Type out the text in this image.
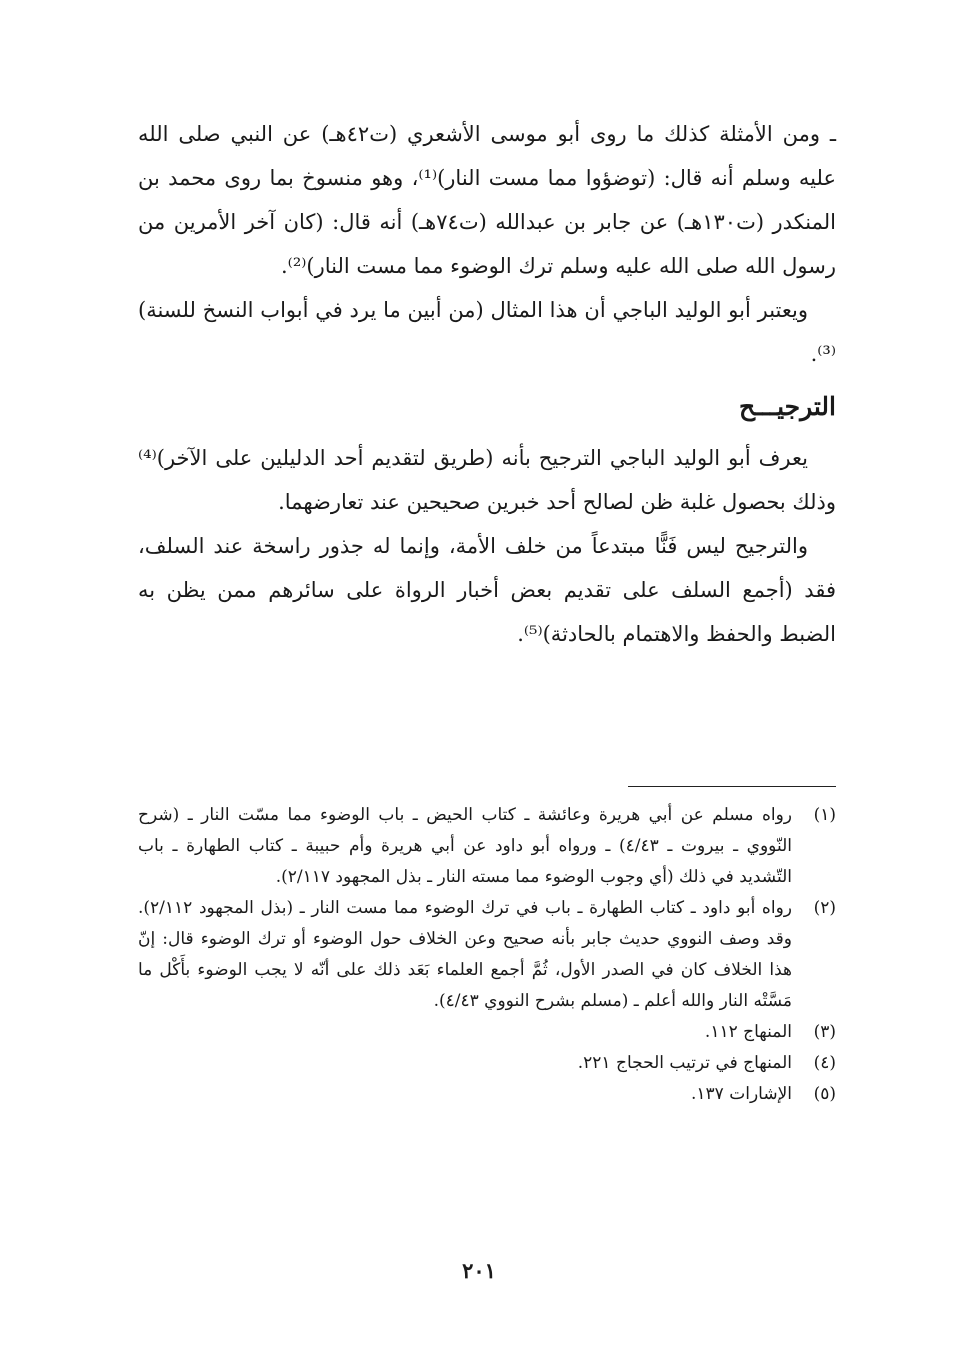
ـ ومن الأمثلة كذلك ما روى أبو موسى الأشعري (ت٤٢هـ) عن النبي صلى الله عليه وسلم أنه قال: (توضؤوا مما مست النار)⁽¹⁾، وهو منسوخ بما روى محمد بن المنكدر (ت١٣٠هـ) عن جابر بن عبدالله (ت٧٤هـ) أنه قال: (كان آخر الأمرين من رسول الله صلى الله عليه وسلم ترك الوضوء مما مست النار)⁽²⁾.

ويعتبر أبو الوليد الباجي أن هذا المثال (من أبين ما يرد في أبواب النسخ للسنة)⁽³⁾.

الترجيـــح

يعرف أبو الوليد الباجي الترجيح بأنه (طريق لتقديم أحد الدليلين على الآخر)⁽⁴⁾ وذلك بحصول غلبة ظن لصالح أحد خبرين صحيحين عند تعارضهما.

والترجيح ليس فَنًّا مبتدعاً من خلف الأمة، وإنما له جذور راسخة عند السلف، فقد (أجمع السلف على تقديم بعض أخبار الرواة على سائرهم ممن يظن به الضبط والحفظ والاهتمام بالحادثة)⁽⁵⁾.

(١)
رواه مسلم عن أبي هريرة وعائشة ـ كتاب الحيض ـ باب الوضوء مما مسّت النار ـ (شرح النّووي ـ بيروت ـ ٤/٤٣) ـ ورواه أبو داود عن أبي هريرة وأم حبيبة ـ كتاب الطهارة ـ باب التّشديد في ذلك (أي وجوب الوضوء مما مسته النار ـ بذل المجهود ٢/١١٧).
(٢)
رواه أبو داود ـ كتاب الطهارة ـ باب في ترك الوضوء مما مست النار ـ (بذل المجهود ٢/١١٢). وقد وصف النووي حديث جابر بأنه صحيح وعن الخلاف حول الوضوء أو ترك الوضوء قال: إنّ هذا الخلاف كان في الصدر الأول، ثُمَّ أجمع العلماء بَعَد ذلك على أنّه لا يجب الوضوء بأَكْل ما مَسَّتْه النار والله أعلم ـ (مسلم بشرح النووي ٤/٤٣).
(٣)
المنهاج ١١٢.
(٤)
المنهاج في ترتيب الحجاج ٢٢١.
(٥)
الإشارات ١٣٧.
٢٠١
